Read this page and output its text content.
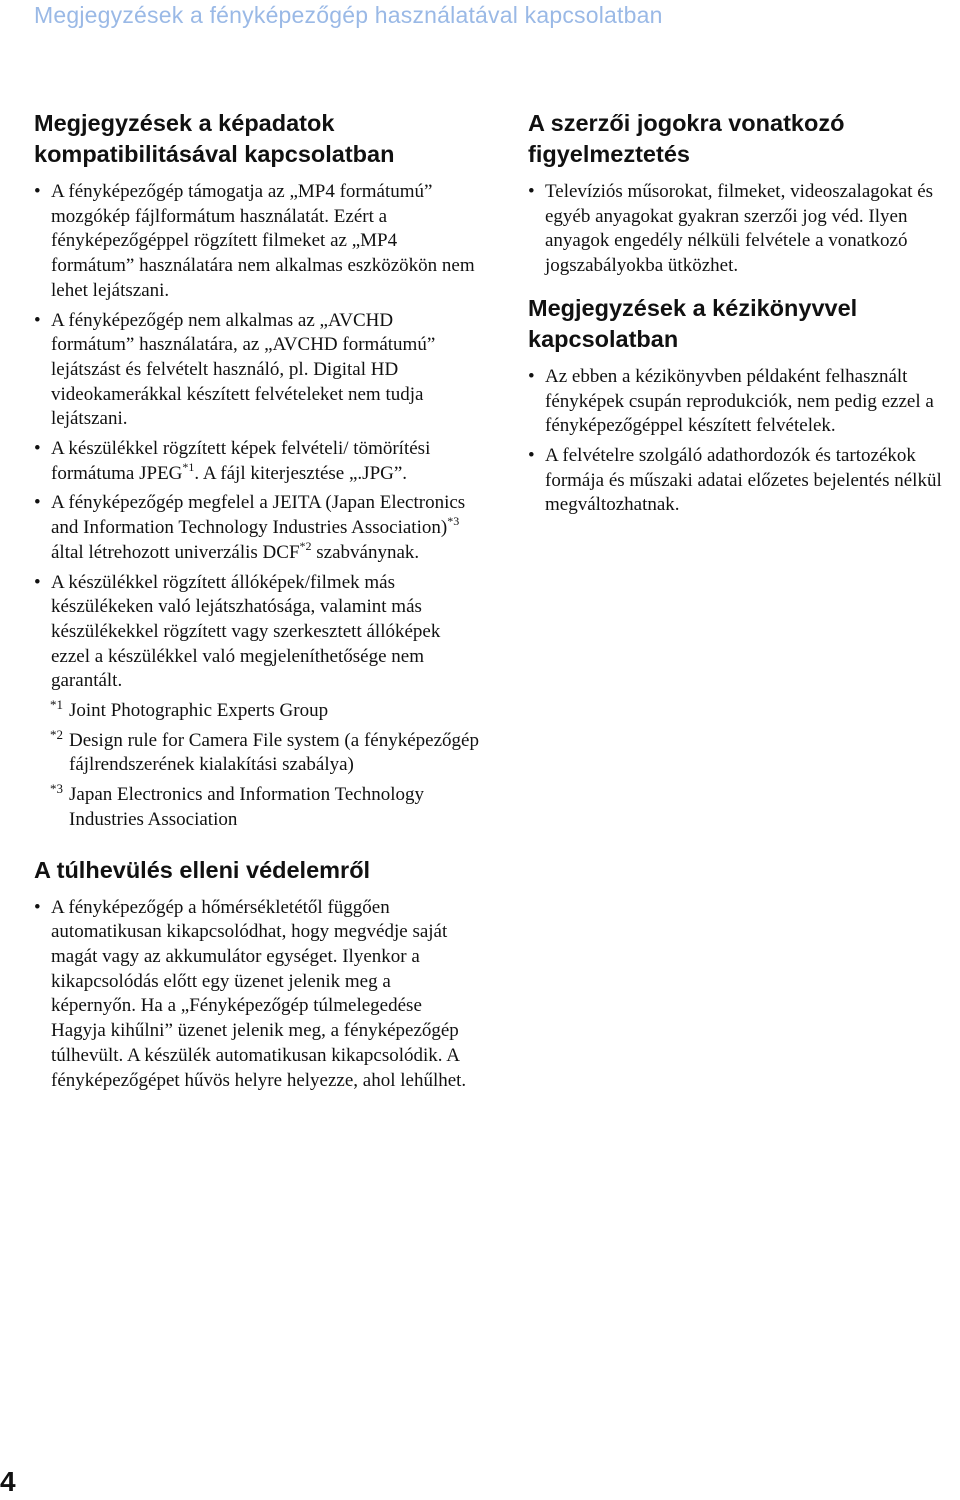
Megjegyzések a fényképezőgép használatával kapcsolatban
Megjegyzések a képadatok kompatibilitásával kapcsolatban
• A fényképezőgép támogatja az „MP4 formátumú” mozgókép fájlformátum használatát. Ezért a fényképezőgéppel rögzített filmeket az „MP4 formátum” használatára nem alkalmas eszközökön nem lehet lejátszani.
• A fényképezőgép nem alkalmas az „AVCHD formátum” használatára, az „AVCHD formátumú” lejátszást és felvételt használó, pl. Digital HD videokamerákkal készített felvételeket nem tudja lejátszani.
• A készülékkel rögzített képek felvételi/ tömörítési formátuma JPEG$^{*1}$. A fájl kiterjesztése „.JPG”.
• A fényképezőgép megfelel a JEITA (Japan Electronics and Information Technology Industries Association)$^{*3}$ által létrehozott univerzális DCF$^{*2}$ szabványnak.
• A készülékkel rögzített állóképek/filmek más készülékeken való lejátszhatósága, valamint más készülékekkel rögzített vagy szerkesztett állóképek ezzel a készülékkel való megjeleníthetősége nem garantált.
*1 Joint Photographic Experts Group
*2 Design rule for Camera File system (a fényképezőgép fájlrendszerének kialakítási szabálya)
*3 Japan Electronics and Information Technology Industries Association
A túlhevülés elleni védelemről
• A fényképezőgép a hőmérsékletétől függően automatikusan kikapcsolódhat, hogy megvédje saját magát vagy az akkumulátor egységet. Ilyenkor a kikapcsolódás előtt egy üzenet jelenik meg a képernyőn. Ha a „Fényképezőgép túlmelegedése Hagyja kihűlni” üzenet jelenik meg, a fényképezőgép túlhevült. A készülék automatikusan kikapcsolódik. A fényképezőgépet hűvös helyre helyezze, ahol lehűlhet.
A szerzői jogokra vonatkozó figyelmeztetés
• Televíziós műsorokat, filmeket, videoszalagokat és egyéb anyagokat gyakran szerzői jog véd. Ilyen anyagok engedély nélküli felvétele a vonatkozó jogszabályokba ütközhet.
Megjegyzések a kézikönyvvel kapcsolatban
• Az ebben a kézikönyvben példaként felhasznált fényképek csupán reprodukciók, nem pedig ezzel a fényképezőgéppel készített felvételek.
• A felvételre szolgáló adathordozók és tartozékok formája és műszaki adatai előzetes bejelentés nélkül megváltozhatnak.
4
